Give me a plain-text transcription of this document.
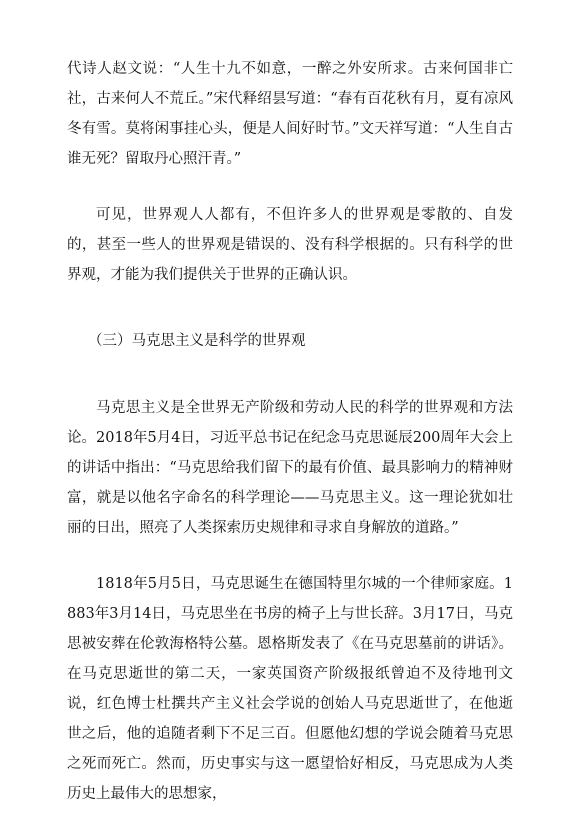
代诗人赵文说：“人生十九不如意，一醉之外安所求。古来何国非亡社，古来何人不荒丘。”宋代释绍昙写道：“春有百花秋有月，夏有凉风冬有雪。莫将闲事挂心头，便是人间好时节。”文天祥写道：“人生自古谁无死？留取丹心照汗青。”

可见，世界观人人都有，不但许多人的世界观是零散的、自发的，甚至一些人的世界观是错误的、没有科学根据的。只有科学的世界观，才能为我们提供关于世界的正确认识。

（三）马克思主义是科学的世界观

马克思主义是全世界无产阶级和劳动人民的科学的世界观和方法论。2018年5月4日，习近平总书记在纪念马克思诞辰200周年大会上的讲话中指出：“马克思给我们留下的最有价值、最具影响力的精神财富，就是以他名字命名的科学理论——马克思主义。这一理论犹如壮丽的日出，照亮了人类探索历史规律和寻求自身解放的道路。”

1818年5月5日，马克思诞生在德国特里尔城的一个律师家庭。1883年3月14日，马克思坐在书房的椅子上与世长辞。3月17日，马克思被安葬在伦敦海格特公墓。恩格斯发表了《在马克思墓前的讲话》。在马克思逝世的第二天，一家英国资产阶级报纸曾迫不及待地刊文说，红色博士杜撰共产主义社会学说的创始人马克思逝世了，在他逝世之后，他的追随者剩下不足三百。但愿他幻想的学说会随着马克思之死而死亡。然而，历史事实与这一愿望恰好相反，马克思成为人类历史上最伟大的思想家，
